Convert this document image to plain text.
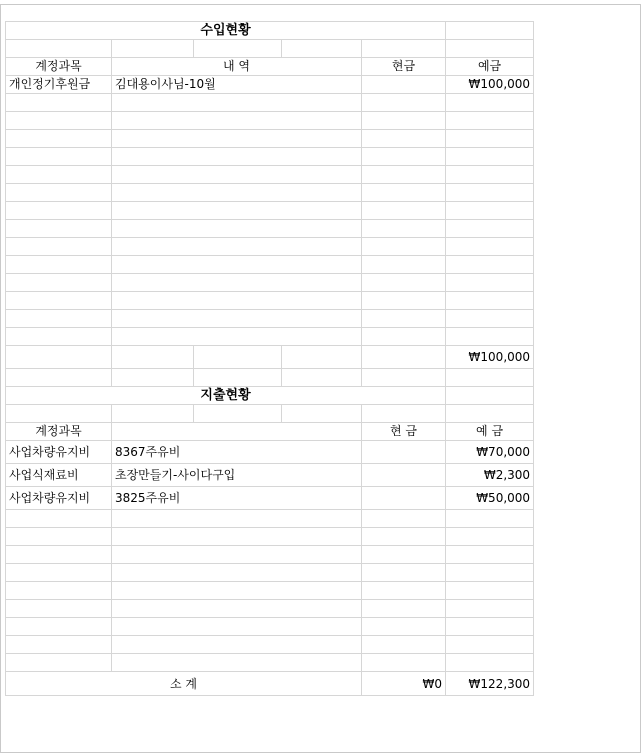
수입현황					

계정과목	내 역			현금	예금
개인정기후원금	김대용이사님-10월				₩100,000

					₩100,000

지출현황					

계정과목				현 금	예 금
사업차량유지비	8367주유비				₩70,000
사업식재료비	초장만들기-사이다구입				₩2,300
사업차량유지비	3825주유비				₩50,000

소 계				₩0	₩122,300
